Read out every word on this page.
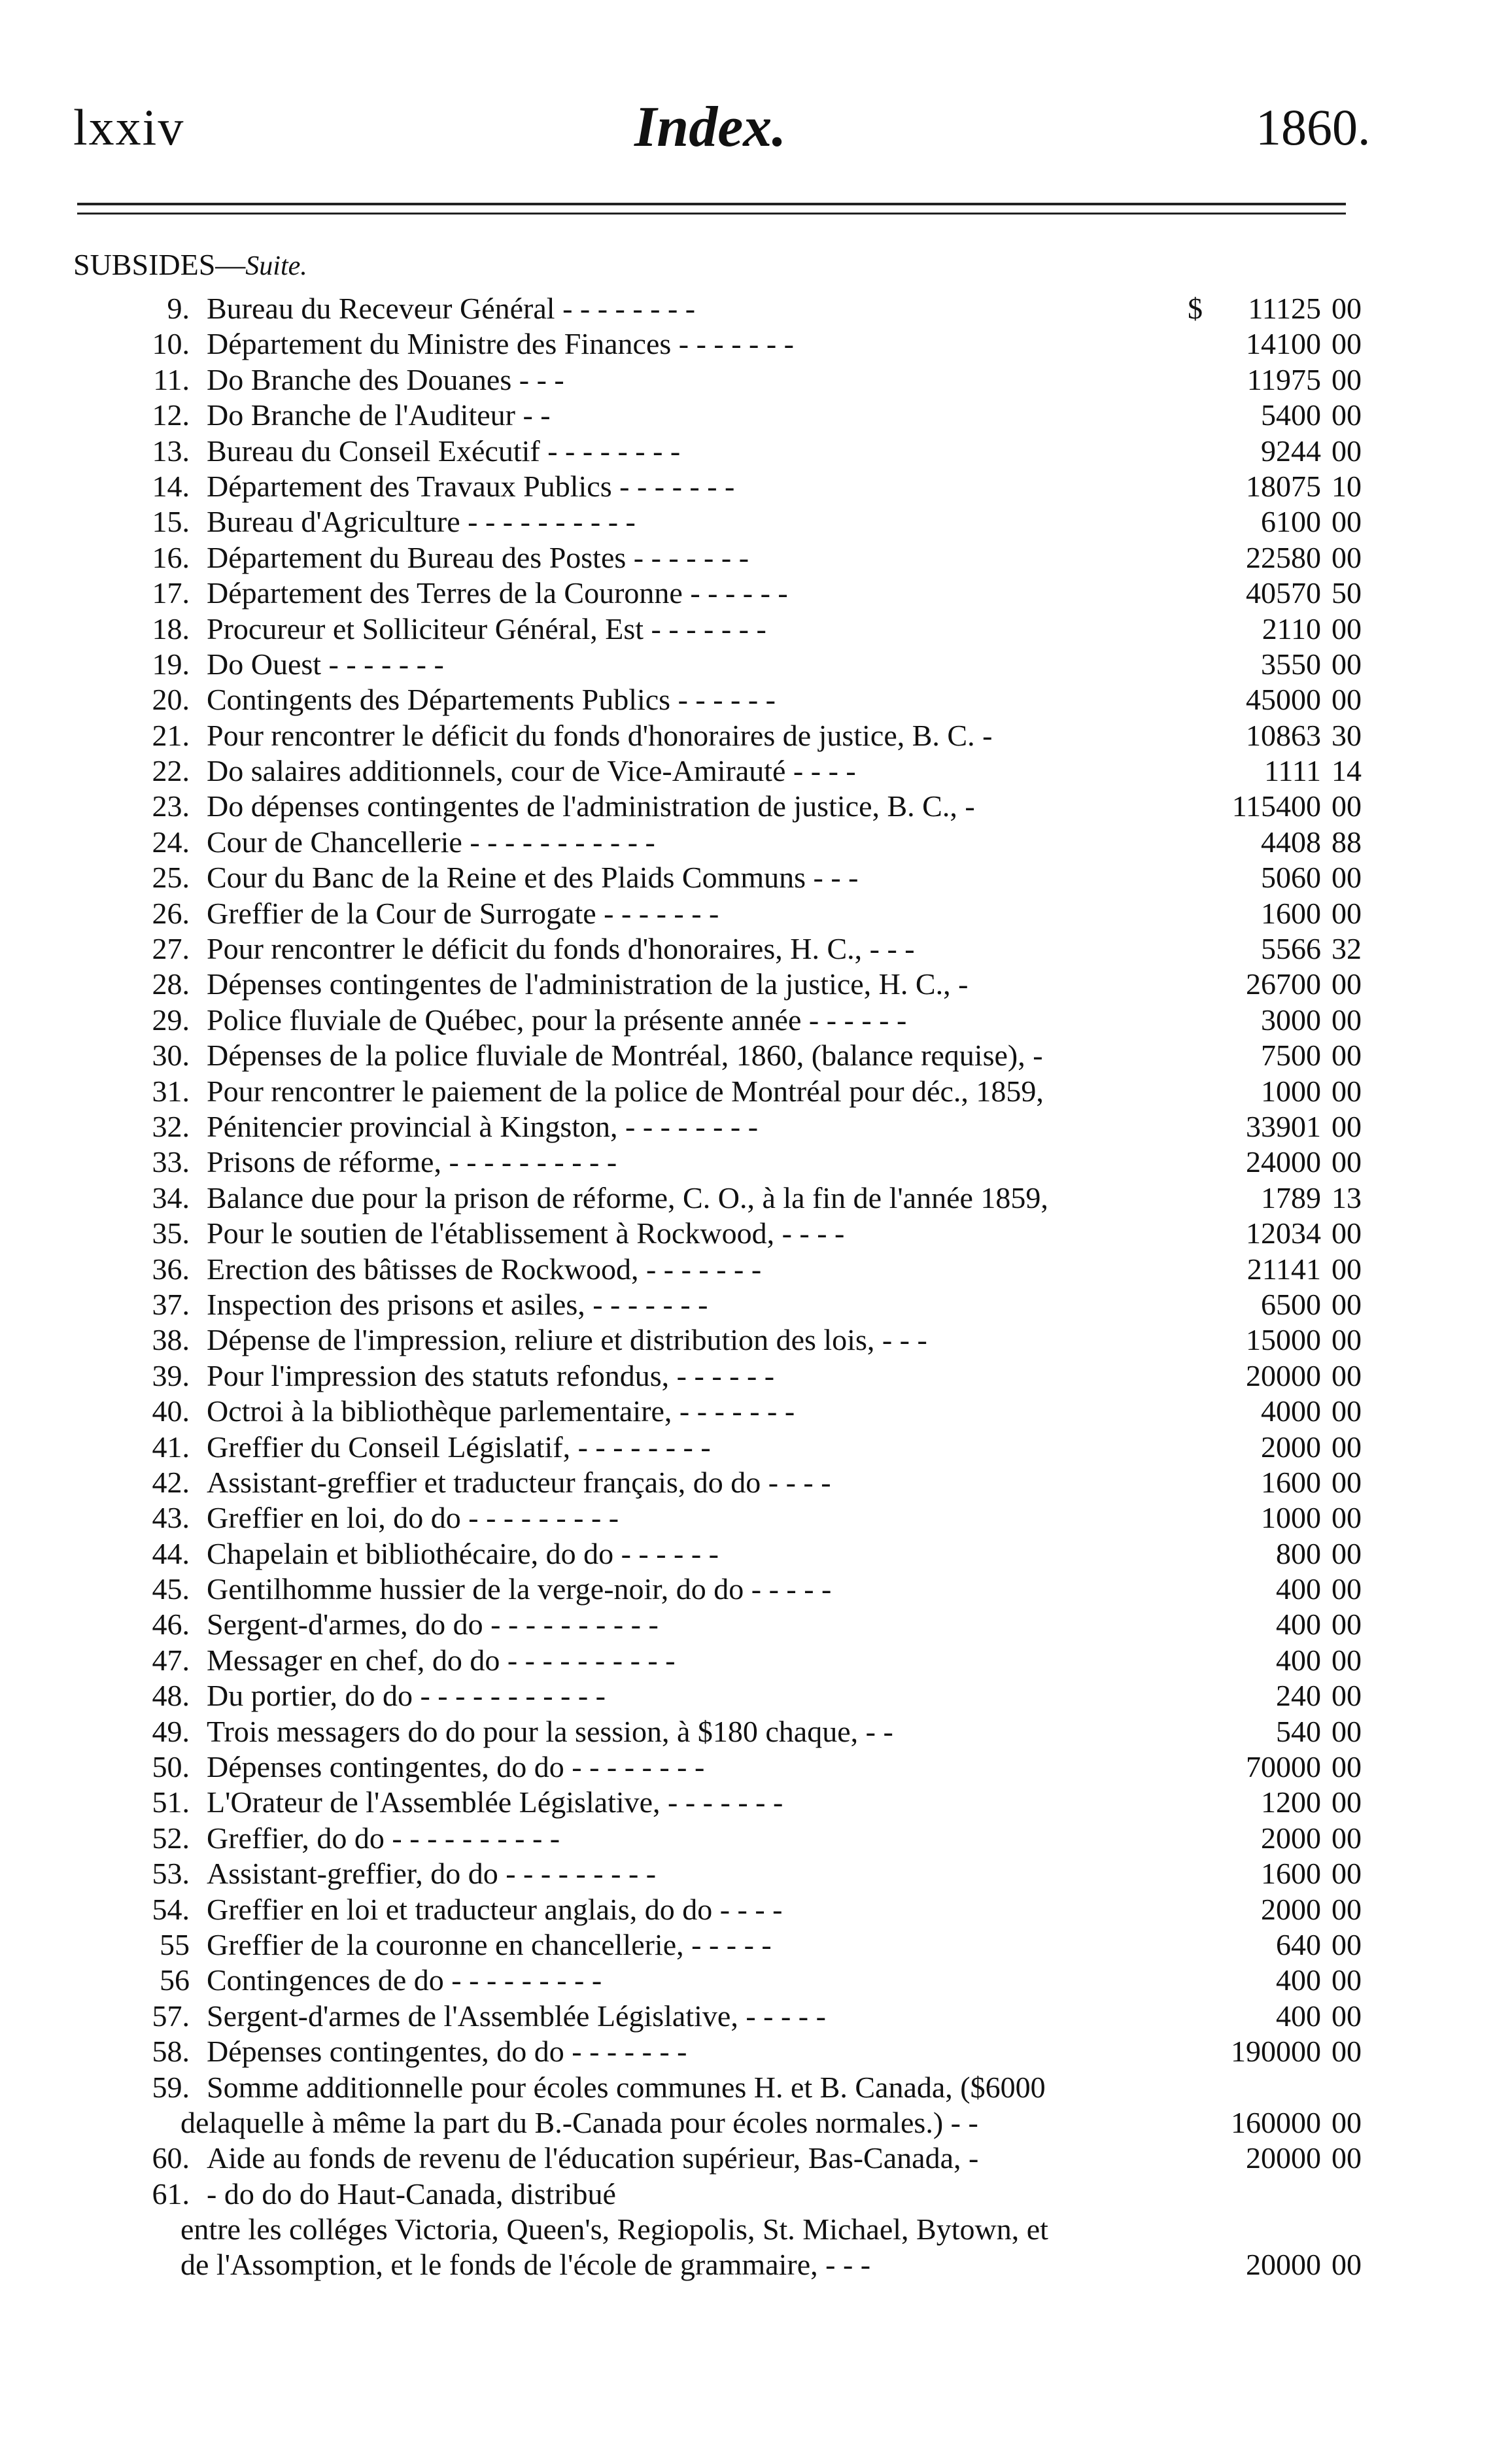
lxxiv	Index.	1860.
SUBSIDES—Suite.
9. Bureau du Receveur Général - - - - - - - -	$ 11125 00
10. Département du Ministre des Finances - - - - - - -	14100 00
11. Do Branche des Douanes - - -	11975 00
12. Do Branche de l'Auditeur - -	5400 00
13. Bureau du Conseil Exécutif - - - - - - - -	9244 00
14. Département des Travaux Publics - - - - - - -	18075 10
15. Bureau d'Agriculture - - - - - - - - - -	6100 00
16. Département du Bureau des Postes - - - - - - -	22580 00
17. Département des Terres de la Couronne - - - - - -	40570 50
18. Procureur et Solliciteur Général, Est - - - - - - -	2110 00
19. Do Ouest - - - - - - -	3550 00
20. Contingents des Départements Publics - - - - - -	45000 00
21. Pour rencontrer le déficit du fonds d'honoraires de justice, B. C. -	10863 30
22. Do salaires additionnels, cour de Vice-Amirauté - - - -	1111 14
23. Do dépenses contingentes de l'administration de justice, B. C., -	115400 00
24. Cour de Chancellerie - - - - - - - - - - -	4408 88
25. Cour du Banc de la Reine et des Plaids Communs - - -	5060 00
26. Greffier de la Cour de Surrogate - - - - - - -	1600 00
27. Pour rencontrer le déficit du fonds d'honoraires, H. C., - - -	5566 32
28. Dépenses contingentes de l'administration de la justice, H. C., -	26700 00
29. Police fluviale de Québec, pour la présente année - - - - - -	3000 00
30. Dépenses de la police fluviale de Montréal, 1860, (balance requise), -	7500 00
31. Pour rencontrer le paiement de la police de Montréal pour déc., 1859,	1000 00
32. Pénitencier provincial à Kingston, - - - - - - - -	33901 00
33. Prisons de réforme, - - - - - - - - - -	24000 00
34. Balance due pour la prison de réforme, C. O., à la fin de l'année 1859,	1789 13
35. Pour le soutien de l'établissement à Rockwood, - - - -	12034 00
36. Erection des bâtisses de Rockwood, - - - - - - -	21141 00
37. Inspection des prisons et asiles, - - - - - - -	6500 00
38. Dépense de l'impression, reliure et distribution des lois, - - -	15000 00
39. Pour l'impression des statuts refondus, - - - - - -	20000 00
40. Octroi à la bibliothèque parlementaire, - - - - - - -	4000 00
41. Greffier du Conseil Législatif, - - - - - - - -	2000 00
42. Assistant-greffier et traducteur français, do do - - - -	1600 00
43. Greffier en loi, do do - - - - - - - - -	1000 00
44. Chapelain et bibliothécaire, do do - - - - - -	800 00
45. Gentilhomme hussier de la verge-noir, do do - - - - -	400 00
46. Sergent-d'armes, do do - - - - - - - - - -	400 00
47. Messager en chef, do do - - - - - - - - - -	400 00
48. Du portier, do do - - - - - - - - - - -	240 00
49. Trois messagers do do pour la session, à $180 chaque, - -	540 00
50. Dépenses contingentes, do do - - - - - - - -	70000 00
51. L'Orateur de l'Assemblée Législative, - - - - - - -	1200 00
52. Greffier, do do - - - - - - - - - -	2000 00
53. Assistant-greffier, do do - - - - - - - - -	1600 00
54. Greffier en loi et traducteur anglais, do do - - - -	2000 00
55 Greffier de la couronne en chancellerie, - - - - -	640 00
56 Contingences de do - - - - - - - - -	400 00
57. Sergent-d'armes de l'Assemblée Législative, - - - - -	400 00
58. Dépenses contingentes, do do - - - - - - -	190000 00
59. Somme additionnelle pour écoles communes H. et B. Canada, ($6000
delaquelle à même la part du B.-Canada pour écoles normales.) - -	160000 00
60. Aide au fonds de revenu de l'éducation supérieur, Bas-Canada, -	20000 00
61. - do do do Haut-Canada, distribué
entre les colléges Victoria, Queen's, Regiopolis, St. Michael, Bytown, et
de l'Assomption, et le fonds de l'école de grammaire, - - -	20000 00
